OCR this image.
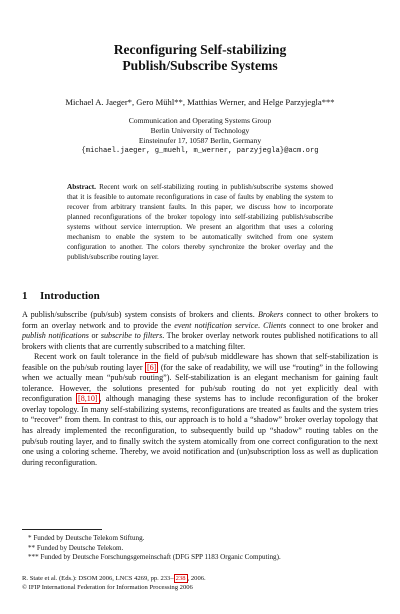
Reconfiguring Self-stabilizing
Publish/Subscribe Systems
Michael A. Jaeger*, Gero Mühl**, Matthias Werner, and Helge Parzyjegla***
Communication and Operating Systems Group
Berlin University of Technology
Einsteinufer 17, 10587 Berlin, Germany
{michael.jaeger, g_muehl, m_werner, parzyjegla}@acm.org
Abstract. Recent work on self-stabilizing routing in publish/subscribe systems showed that it is feasible to automate reconfigurations in case of faults by enabling the system to recover from arbitrary transient faults. In this paper, we discuss how to incorporate planned reconfigurations of the broker topology into self-stabilizing publish/subscribe systems without service interruption. We present an algorithm that uses a coloring mechanism to enable the system to be automatically switched from one system configuration to another. The colors thereby synchronize the broker overlay and the publish/subscribe routing layer.
1 Introduction

A publish/subscribe (pub/sub) system consists of brokers and clients. Brokers connect to other brokers to form an overlay network and to provide the event notification service. Clients connect to one broker and publish notifications or subscribe to filters. The broker overlay network routes published notifications to all brokers with clients that are currently subscribed to a matching filter.

Recent work on fault tolerance in the field of pub/sub middleware has shown that self-stabilization is feasible on the pub/sub routing layer [6] (for the sake of readability, we will use “routing” in the following when we actually mean “pub/sub routing”). Self-stabilization is an elegant mechanism for gaining fault tolerance. However, the solutions presented for pub/sub routing do not yet explicitly deal with reconfiguration [8,10] , although managing these systems has to include reconfiguration of the broker overlay topology. In many self-stabilizing systems, reconfigurations are treated as faults and the system tries to “recover” from them. In contrast to this, our approach is to hold a “shadow” broker overlay topology that has already implemented the reconfiguration, to subsequently build up “shadow” routing tables on the pub/sub routing layer, and to finally switch the system atomically from one correct configuration to the next one using a coloring scheme. Thereby, we avoid notification and (un)subscription loss as well as duplication during reconfiguration.

* Funded by Deutsche Telekom Stiftung.
** Funded by Deutsche Telekom.
*** Funded by Deutsche Forschungsgemeinschaft (DFG SPP 1183 Organic Computing).
R. State et al. (Eds.): DSOM 2006, LNCS 4269, pp. 233– 238 , 2006.
© IFIP International Federation for Information Processing 2006
